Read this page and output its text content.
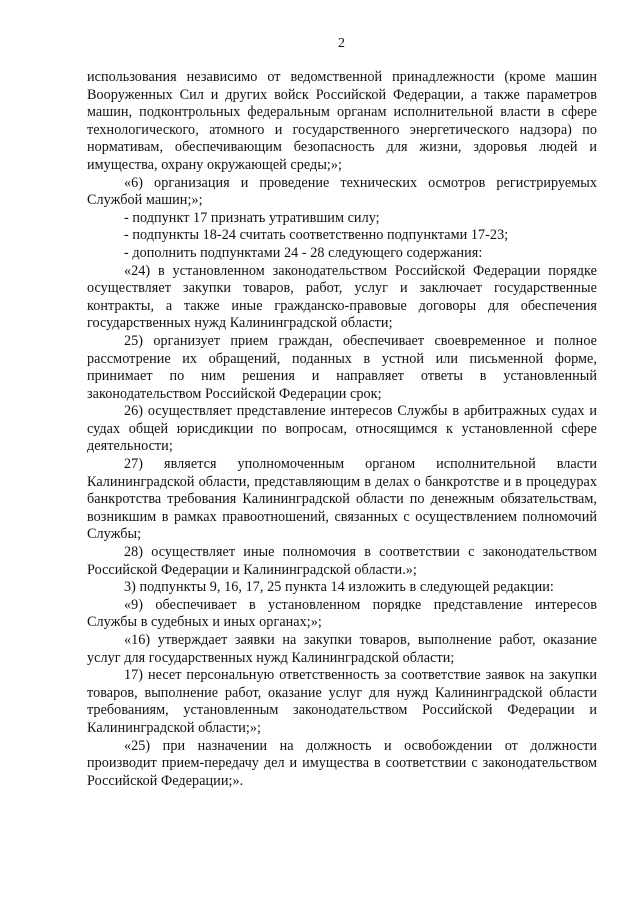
2

использования независимо от ведомственной принадлежности (кроме машин Вооруженных Сил и других войск Российской Федерации, а также параметров машин, подконтрольных федеральным органам исполнительной власти в сфере технологического, атомного и государственного энергетического надзора) по нормативам, обеспечивающим безопасность для жизни, здоровья людей и имущества, охрану окружающей среды;»;

«6) организация и проведение технических осмотров регистрируемых Службой машин;»;

- подпункт 17 признать утратившим силу;

- подпункты 18-24 считать соответственно подпунктами 17-23;

- дополнить подпунктами 24 - 28 следующего содержания:

«24) в установленном законодательством Российской Федерации порядке осуществляет закупки товаров, работ, услуг и заключает государственные контракты, а также иные гражданско-правовые договоры для обеспечения государственных нужд Калининградской области;

25) организует прием граждан, обеспечивает своевременное и полное рассмотрение их обращений, поданных в устной или письменной форме, принимает по ним решения и направляет ответы в установленный законодательством Российской Федерации срок;

26) осуществляет представление интересов Службы в арбитражных судах и судах общей юрисдикции по вопросам, относящимся к установленной сфере деятельности;

27) является уполномоченным органом исполнительной власти Калининградской области, представляющим в делах о банкротстве и в процедурах банкротства требования Калининградской области по денежным обязательствам, возникшим в рамках правоотношений, связанных с осуществлением полномочий Службы;

28) осуществляет иные полномочия в соответствии с законодательством Российской Федерации и Калининградской области.»;

3) подпункты 9, 16, 17, 25 пункта 14 изложить в следующей редакции:

«9) обеспечивает в установленном порядке представление интересов Службы в судебных и иных органах;»;

«16) утверждает заявки на закупки товаров, выполнение работ, оказание услуг для государственных нужд Калининградской области;

17) несет персональную ответственность за соответствие заявок на закупки товаров, выполнение работ, оказание услуг для нужд Калининградской области требованиям, установленным законодательством Российской Федерации и Калининградской области;»;

«25) при назначении на должность и освобождении от должности производит прием-передачу дел и имущества в соответствии с законодательством Российской Федерации;».
